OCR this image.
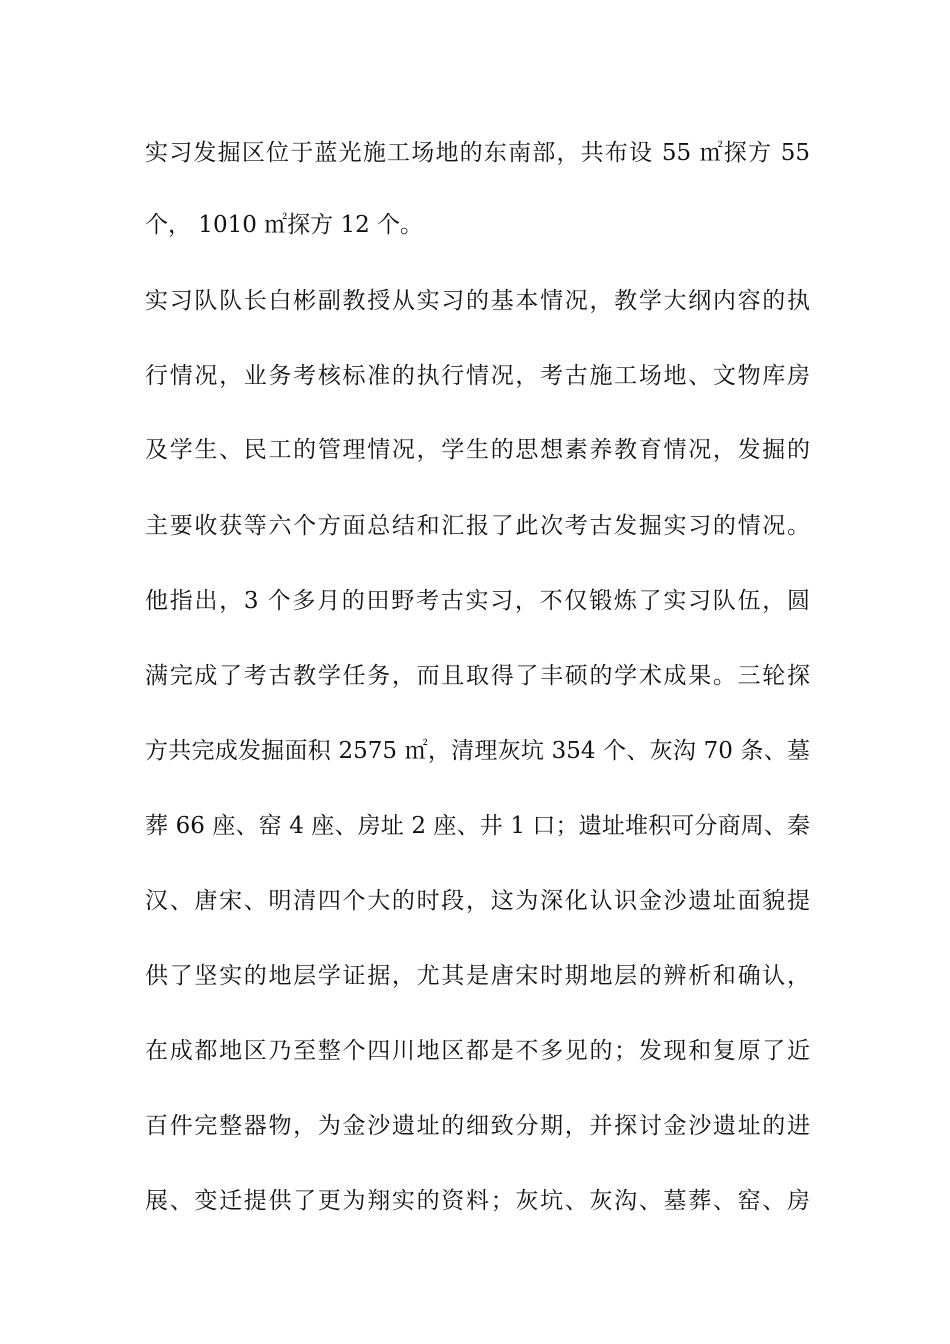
实习发掘区位于蓝光施工场地的东南部，共布设 55 ㎡探方 55
个， 1010 ㎡探方 12 个。
实习队队长白彬副教授从实习的基本情况，教学大纲内容的执
行情况，业务考核标准的执行情况，考古施工场地、文物库房
及学生、民工的管理情况，学生的思想素养教育情况，发掘的
主要收获等六个方面总结和汇报了此次考古发掘实习的情况。
他指出，3 个多月的田野考古实习，不仅锻炼了实习队伍，圆
满完成了考古教学任务，而且取得了丰硕的学术成果。三轮探
方共完成发掘面积 2575 ㎡，清理灰坑 354 个、灰沟 70 条、墓
葬 66 座、窑 4 座、房址 2 座、井 1 口；遗址堆积可分商周、秦
汉、唐宋、明清四个大的时段，这为深化认识金沙遗址面貌提
供了坚实的地层学证据，尤其是唐宋时期地层的辨析和确认，
在成都地区乃至整个四川地区都是不多见的；发现和复原了近
百件完整器物，为金沙遗址的细致分期，并探讨金沙遗址的进
展、变迁提供了更为翔实的资料；灰坑、灰沟、墓葬、窑、房
